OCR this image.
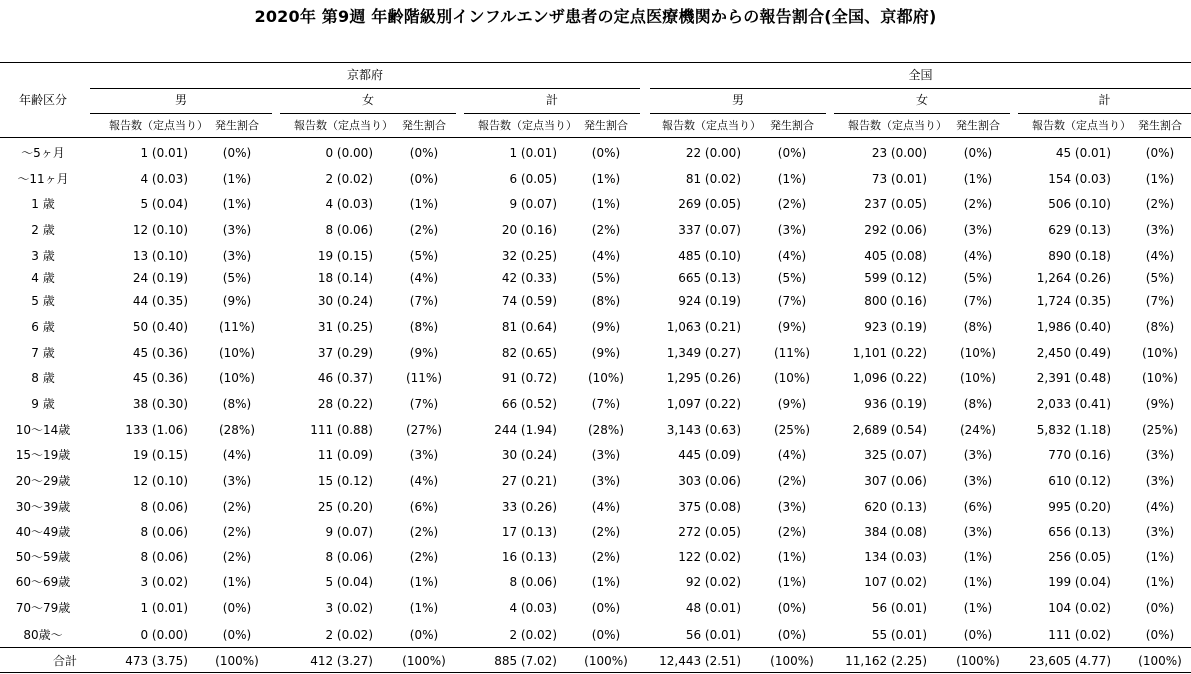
2020年 第9週 年齢階級別インフルエンザ患者の定点医療機関からの報告割合(全国、京都府)
京都府	全国
年齢区分	男
報告数（定点当り） 発生割合
女
報告数（定点当り） 発生割合
計
報告数（定点当り） 発生割合
男
報告数（定点当り） 発生割合
女
報告数（定点当り） 発生割合
計
報告数（定点当り） 発生割合
～5ヶ月	1 (0.01)	(0%)	0 (0.00)	(0%)	1 (0.01)	(0%)	22 (0.00)	(0%)	23 (0.00)	(0%)	45 (0.01)	(0%)
～11ヶ月	4 (0.03)	(1%)	2 (0.02)	(0%)	6 (0.05)	(1%)	81 (0.02)	(1%)	73 (0.01)	(1%)	154 (0.03)	(1%)
1 歳	5 (0.04)	(1%)	4 (0.03)	(1%)	9 (0.07)	(1%)	269 (0.05)	(2%)	237 (0.05)	(2%)	506 (0.10)	(2%)
2 歳	12 (0.10)	(3%)	8 (0.06)	(2%)	20 (0.16)	(2%)	337 (0.07)	(3%)	292 (0.06)	(3%)	629 (0.13)	(3%)
3 歳	13 (0.10)	(3%)	19 (0.15)	(5%)	32 (0.25)	(4%)	485 (0.10)	(4%)	405 (0.08)	(4%)	890 (0.18)	(4%)
4 歳	24 (0.19)	(5%)	18 (0.14)	(4%)	42 (0.33)	(5%)	665 (0.13)	(5%)	599 (0.12)	(5%)	1,264 (0.26)	(5%)
5 歳	44 (0.35)	(9%)	30 (0.24)	(7%)	74 (0.59)	(8%)	924 (0.19)	(7%)	800 (0.16)	(7%)	1,724 (0.35)	(7%)
6 歳	50 (0.40)	(11%)	31 (0.25)	(8%)	81 (0.64)	(9%)	1,063 (0.21)	(9%)	923 (0.19)	(8%)	1,986 (0.40)	(8%)
7 歳	45 (0.36)	(10%)	37 (0.29)	(9%)	82 (0.65)	(9%)	1,349 (0.27)	(11%)	1,101 (0.22)	(10%)	2,450 (0.49)	(10%)
8 歳	45 (0.36)	(10%)	46 (0.37)	(11%)	91 (0.72)	(10%)	1,295 (0.26)	(10%)	1,096 (0.22)	(10%)	2,391 (0.48)	(10%)
9 歳	38 (0.30)	(8%)	28 (0.22)	(7%)	66 (0.52)	(7%)	1,097 (0.22)	(9%)	936 (0.19)	(8%)	2,033 (0.41)	(9%)
10～14歳	133 (1.06)	(28%)	111 (0.88)	(27%)	244 (1.94)	(28%)	3,143 (0.63)	(25%)	2,689 (0.54)	(24%)	5,832 (1.18)	(25%)
15～19歳	19 (0.15)	(4%)	11 (0.09)	(3%)	30 (0.24)	(3%)	445 (0.09)	(4%)	325 (0.07)	(3%)	770 (0.16)	(3%)
20～29歳	12 (0.10)	(3%)	15 (0.12)	(4%)	27 (0.21)	(3%)	303 (0.06)	(2%)	307 (0.06)	(3%)	610 (0.12)	(3%)
30～39歳	8 (0.06)	(2%)	25 (0.20)	(6%)	33 (0.26)	(4%)	375 (0.08)	(3%)	620 (0.13)	(6%)	995 (0.20)	(4%)
40～49歳	8 (0.06)	(2%)	9 (0.07)	(2%)	17 (0.13)	(2%)	272 (0.05)	(2%)	384 (0.08)	(3%)	656 (0.13)	(3%)
50～59歳	8 (0.06)	(2%)	8 (0.06)	(2%)	16 (0.13)	(2%)	122 (0.02)	(1%)	134 (0.03)	(1%)	256 (0.05)	(1%)
60～69歳	3 (0.02)	(1%)	5 (0.04)	(1%)	8 (0.06)	(1%)	92 (0.02)	(1%)	107 (0.02)	(1%)	199 (0.04)	(1%)
70～79歳	1 (0.01)	(0%)	3 (0.02)	(1%)	4 (0.03)	(0%)	48 (0.01)	(0%)	56 (0.01)	(1%)	104 (0.02)	(0%)
80歳～	0 (0.00)	(0%)	2 (0.02)	(0%)	2 (0.02)	(0%)	56 (0.01)	(0%)	55 (0.01)	(0%)	111 (0.02)	(0%)
合計	473 (3.75)	(100%)	412 (3.27)	(100%)	885 (7.02)	(100%)	12,443 (2.51)	(100%)	11,162 (2.25)	(100%)	23,605 (4.77)	(100%)
